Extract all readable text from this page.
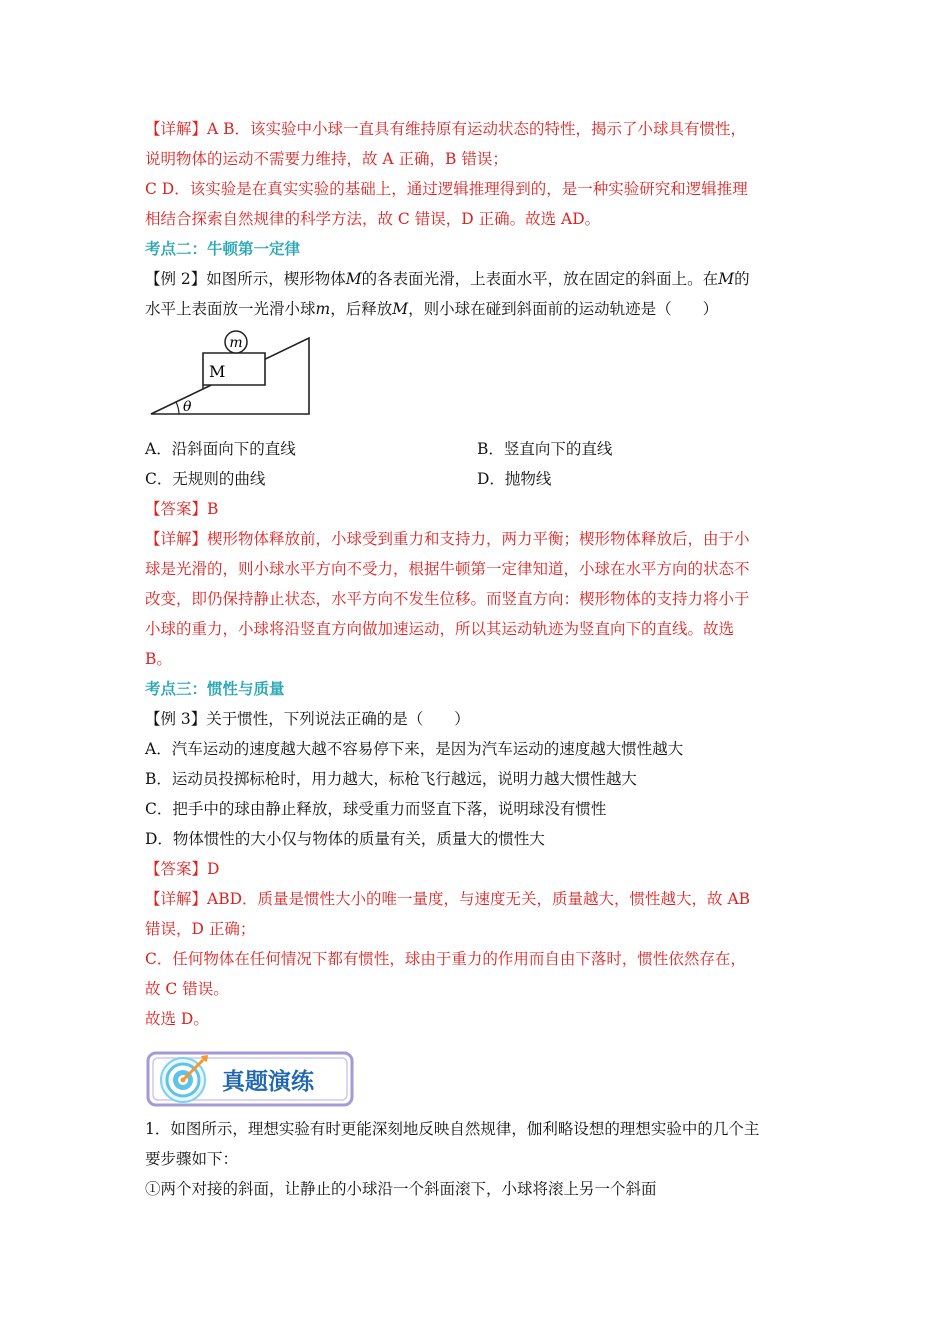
【详解】A B．该实验中小球一直具有维持原有运动状态的特性，揭示了小球具有惯性，
说明物体的运动不需要力维持，故 A 正确，B 错误；
C D．该实验是在真实实验的基础上，通过逻辑推理得到的，是一种实验研究和逻辑推理
相结合探索自然规律的科学方法，故 C 错误，D 正确。故选 AD。
考点二：牛顿第一定律
【例 2】如图所示，楔形物体M的各表面光滑，上表面水平，放在固定的斜面上。在M的
水平上表面放一光滑小球m，后释放M，则小球在碰到斜面前的运动轨迹是（　　）
m
M
θ
A．沿斜面向下的直线	B．竖直向下的直线
C．无规则的曲线	D．抛物线
【答案】B
【详解】楔形物体释放前，小球受到重力和支持力，两力平衡；楔形物体释放后，由于小
球是光滑的，则小球水平方向不受力，根据牛顿第一定律知道，小球在水平方向的状态不
改变，即仍保持静止状态，水平方向不发生位移。而竖直方向：楔形物体的支持力将小于
小球的重力，小球将沿竖直方向做加速运动，所以其运动轨迹为竖直向下的直线。故选
B。
考点三：惯性与质量
【例 3】关于惯性，下列说法正确的是（　　）
A．汽车运动的速度越大越不容易停下来，是因为汽车运动的速度越大惯性越大
B．运动员投掷标枪时，用力越大，标枪飞行越远，说明力越大惯性越大
C．把手中的球由静止释放，球受重力而竖直下落，说明球没有惯性
D．物体惯性的大小仅与物体的质量有关，质量大的惯性大
【答案】D
【详解】ABD．质量是惯性大小的唯一量度，与速度无关，质量越大，惯性越大，故 AB
错误，D 正确；
C．任何物体在任何情况下都有惯性，球由于重力的作用而自由下落时，惯性依然存在，
故 C 错误。
故选 D。
真题演练
1．如图所示，理想实验有时更能深刻地反映自然规律，伽利略设想的理想实验中的几个主
要步骤如下：
①两个对接的斜面，让静止的小球沿一个斜面滚下，小球将滚上另一个斜面
